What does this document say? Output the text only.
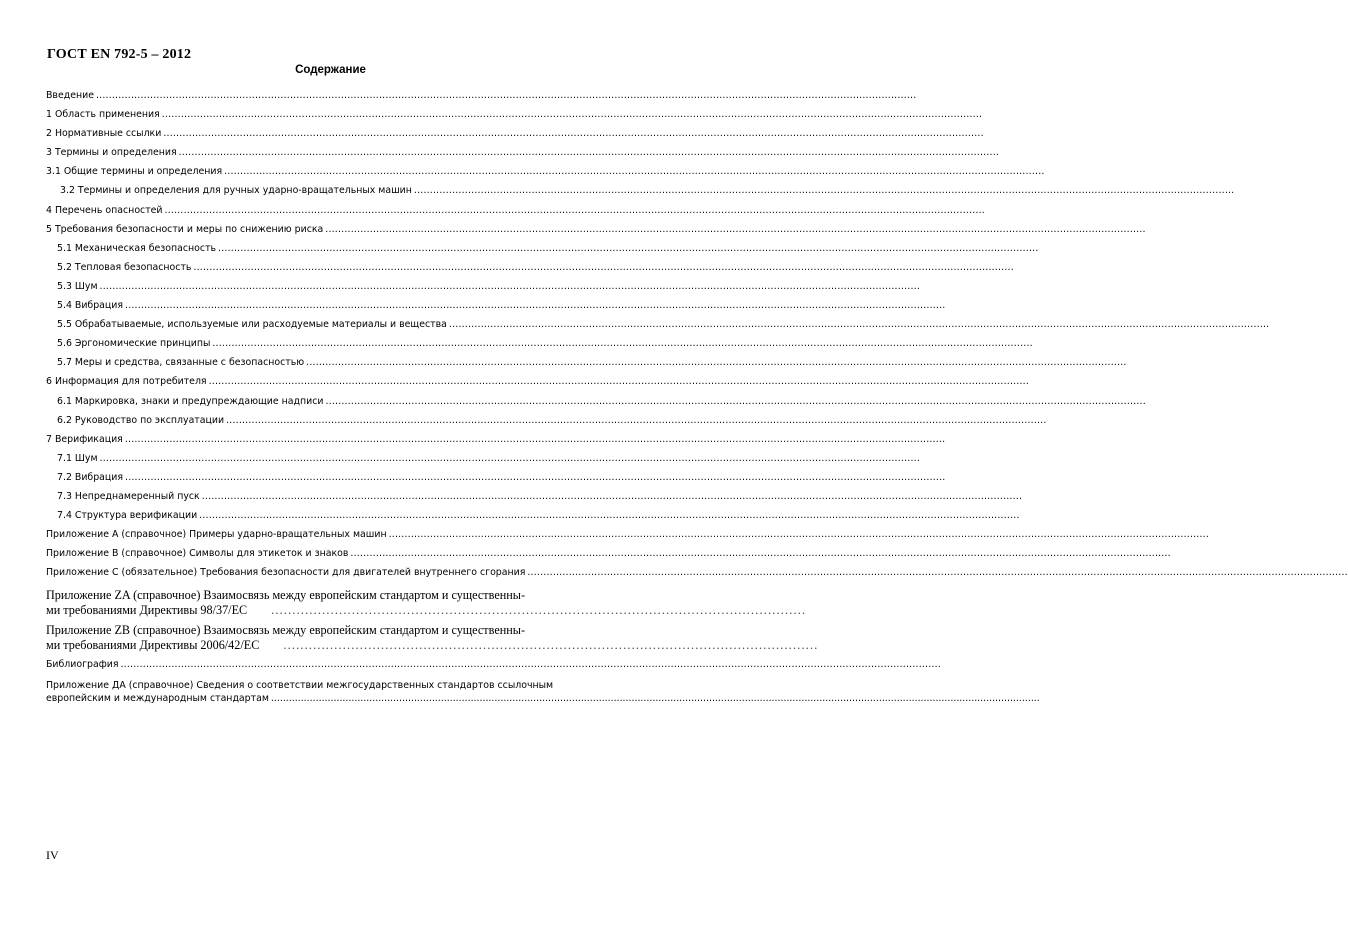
ГОСТ EN 792-5 – 2012
Содержание
Введение ..................................................................................................................................................................................................................................................................
1 Область применения ..................................................................................................................................................................................................................................................................
2 Нормативные ссылки ..................................................................................................................................................................................................................................................................
3 Термины и определения ..................................................................................................................................................................................................................................................................
3.1 Общие термины и определения ..................................................................................................................................................................................................................................................................
3.2 Термины и определения для ручных ударно-вращательных машин ..................................................................................................................................................................................................................................................................
4 Перечень опасностей ..................................................................................................................................................................................................................................................................
5 Требования безопасности и меры по снижению риска ..................................................................................................................................................................................................................................................................
5.1 Механическая безопасность ..................................................................................................................................................................................................................................................................
5.2 Тепловая безопасность ..................................................................................................................................................................................................................................................................
5.3 Шум ..................................................................................................................................................................................................................................................................
5.4 Вибрация ..................................................................................................................................................................................................................................................................
5.5 Обрабатываемые, используемые или расходуемые материалы и вещества ..................................................................................................................................................................................................................................................................
5.6 Эргономические принципы ..................................................................................................................................................................................................................................................................
5.7 Меры и средства, связанные с безопасностью ..................................................................................................................................................................................................................................................................
6 Информация для потребителя ..................................................................................................................................................................................................................................................................
6.1 Маркировка, знаки и предупреждающие надписи ..................................................................................................................................................................................................................................................................
6.2 Руководство по эксплуатации ..................................................................................................................................................................................................................................................................
7 Верификация ..................................................................................................................................................................................................................................................................
7.1 Шум ..................................................................................................................................................................................................................................................................
7.2 Вибрация ..................................................................................................................................................................................................................................................................
7.3 Непреднамеренный пуск ..................................................................................................................................................................................................................................................................
7.4 Структура верификации ..................................................................................................................................................................................................................................................................
Приложение А (справочное) Примеры ударно-вращательных машин ..................................................................................................................................................................................................................................................................
Приложение В (справочное) Символы для этикеток и знаков ..................................................................................................................................................................................................................................................................
Приложение С (обязательное) Требования безопасности для двигателей внутреннего сгорания ..................................................................................................................................................................................................................................................................
Приложение ZA (справочное) Взаимосвязь между европейским стандартом и существенны-
ми требованиями Директивы 98/37/ЕС ..............................................................................................................................
Приложение ZB (справочное) Взаимосвязь между европейским стандартом и существенны-
ми требованиями Директивы 2006/42/ЕС ..............................................................................................................................
Библиография ..................................................................................................................................................................................................................................................................
Приложение ДА (справочное) Сведения о соответствии межгосударственных стандартов ссылочным
европейским и международным стандартам ..................................................................................................................................................................................................................................................................
IV
